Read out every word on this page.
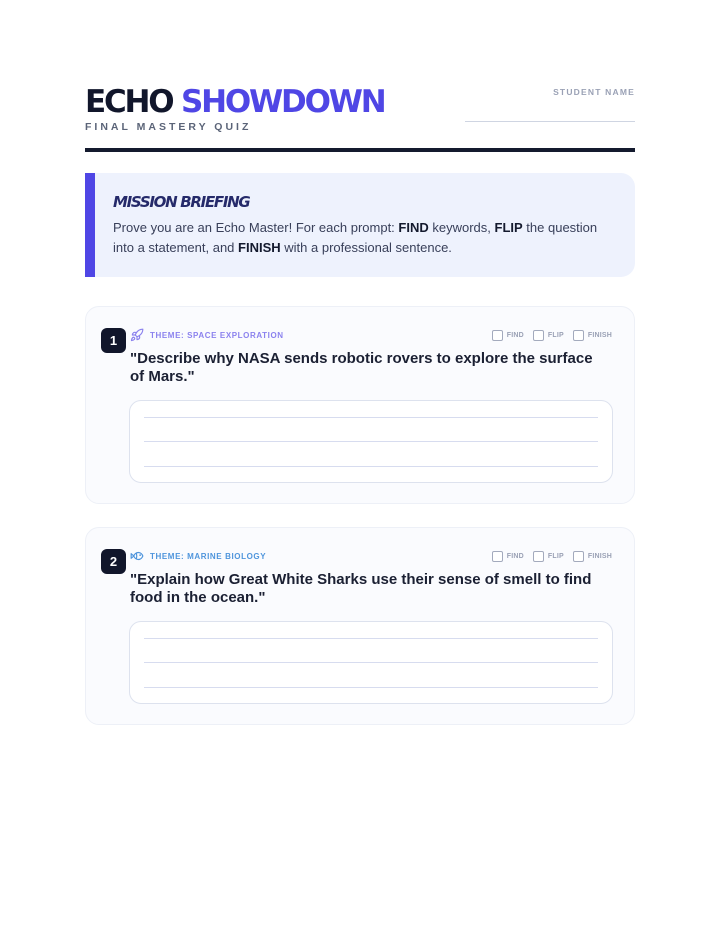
ECHO SHOWDOWN
FINAL MASTERY QUIZ
STUDENT NAME
MISSION BRIEFING
Prove you are an Echo Master! For each prompt: FIND keywords, FLIP the question into a statement, and FINISH with a professional sentence.
1	THEME: SPACE EXPLORATION	FIND	FLIP	FINISH
"Describe why NASA sends robotic rovers to explore the surface of Mars."
2	THEME: MARINE BIOLOGY	FIND	FLIP	FINISH
"Explain how Great White Sharks use their sense of smell to find food in the ocean."
